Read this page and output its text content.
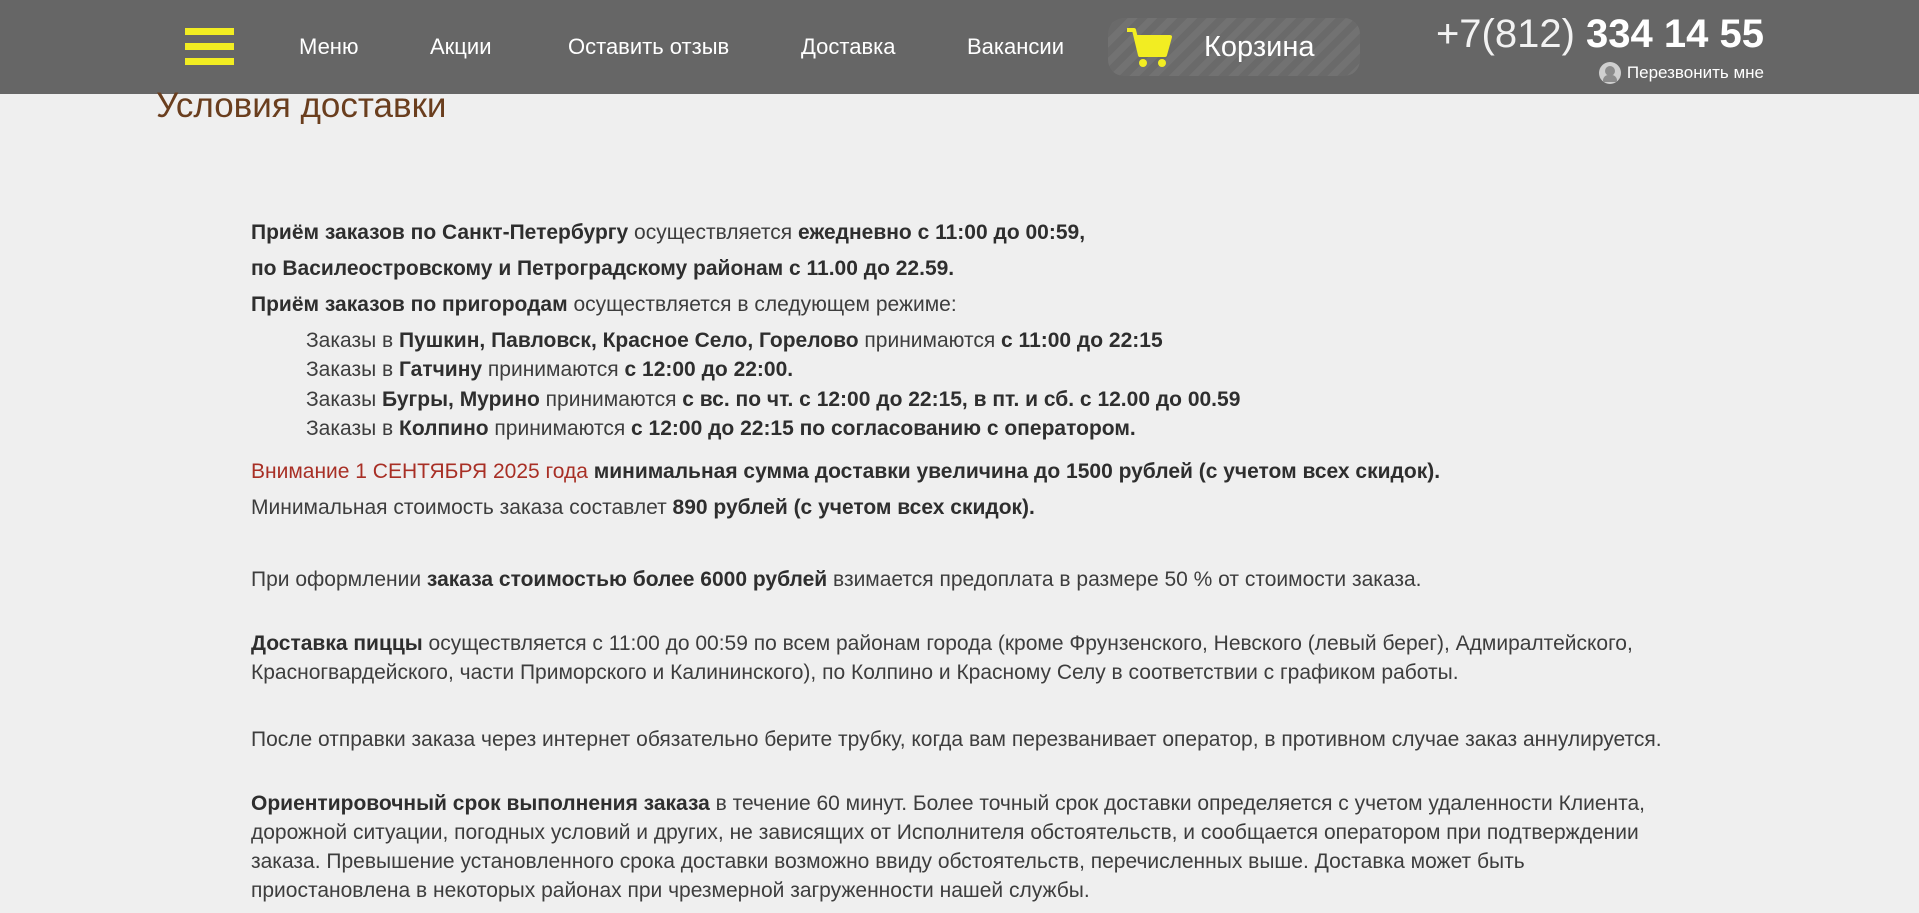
Меню	Акции	Оставить отзыв	Доставка	Вакансии	Корзина	+7(812) 334 14 55
Перезвонить мне
Условия доставки
Приём заказов по Санкт-Петербургу осуществляется ежедневно с 11:00 до 00:59,
по Василеостровскому и Петроградскому районам с 11.00 до 22.59.
Приём заказов по пригородам осуществляется в следующем режиме:
Заказы в Пушкин, Павловск, Красное Село, Горелово принимаются с 11:00 до 22:15
Заказы в Гатчину принимаются с 12:00 до 22:00.
Заказы Бугры, Мурино принимаются с вс. по чт. с 12:00 до 22:15, в пт. и сб. с 12.00 до 00.59
Заказы в Колпино принимаются с 12:00 до 22:15 по согласованию с оператором.
Внимание 1 СЕНТЯБРЯ 2025 года минимальная сумма доставки увеличина до 1500 рублей (с учетом всех скидок).
Минимальная стоимость заказа составлет 890 рублей (с учетом всех скидок).
При оформлении заказа стоимостью более 6000 рублей взимается предоплата в размере 50 % от стоимости заказа.
Доставка пиццы осуществляется с 11:00 до 00:59 по всем районам города (кроме Фрунзенского, Невского (левый берег), Адмиралтейского, Красногвардейского, части Приморского и Калининского), по Колпино и Красному Селу в соответствии с графиком работы.
После отправки заказа через интернет обязательно берите трубку, когда вам перезванивает оператор, в противном случае заказ аннулируется.
Ориентировочный срок выполнения заказа в течение 60 минут. Более точный срок доставки определяется с учетом удаленности Клиента, дорожной ситуации, погодных условий и других, не зависящих от Исполнителя обстоятельств, и сообщается оператором при подтверждении заказа. Превышение установленного срока доставки возможно ввиду обстоятельств, перечисленных выше. Доставка может быть приостановлена в некоторых районах при чрезмерной загруженности нашей службы.
